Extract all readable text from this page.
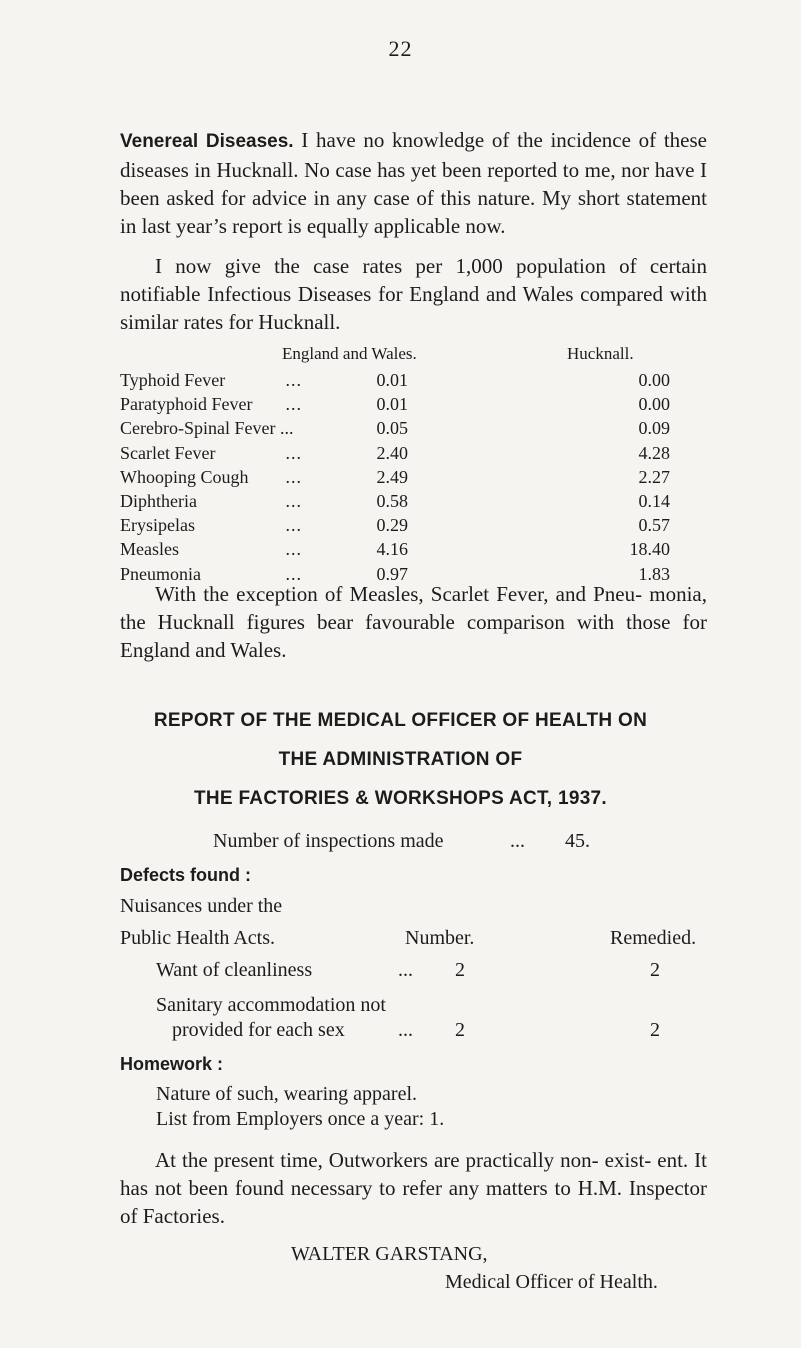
22

Venereal Diseases. I have no knowledge of the incidence of these diseases in Hucknall. No case has yet been reported to me, nor have I been asked for advice in any case of this nature. My short statement in last year’s report is equally applicable now.

I now give the case rates per 1,000 population of certain notifiable Infectious Diseases for England and Wales compared with similar rates for Hucknall.

England and Wales.	Hucknall.
Typhoid Fever	...	0.01	0.00
Paratyphoid Fever	...	0.01	0.00
Cerebro-Spinal Fever ...	0.05	0.09
Scarlet Fever	...	2.40	4.28
Whooping Cough	...	2.49	2.27
Diphtheria	...	0.58	0.14
Erysipelas	...	0.29	0.57
Measles	...	4.16	18.40
Pneumonia	...	0.97	1.83

With the exception of Measles, Scarlet Fever, and Pneu- monia, the Hucknall figures bear favourable comparison with those for England and Wales.

REPORT OF THE MEDICAL OFFICER OF HEALTH ON
THE ADMINISTRATION OF
THE FACTORIES & WORKSHOPS ACT, 1937.
Number of inspections made	... 45.
Defects found :
Nuisances under the
Public Health Acts.	Number.	Remedied.
Want of cleanliness	... 2	2
Sanitary accommodation not
provided for each sex	... 2	2
Homework :
Nature of such, wearing apparel.
List from Employers once a year: 1.

At the present time, Outworkers are practically non- exist- ent. It has not been found necessary to refer any matters to H.M. Inspector of Factories.

WALTER GARSTANG,
Medical Officer of Health.
